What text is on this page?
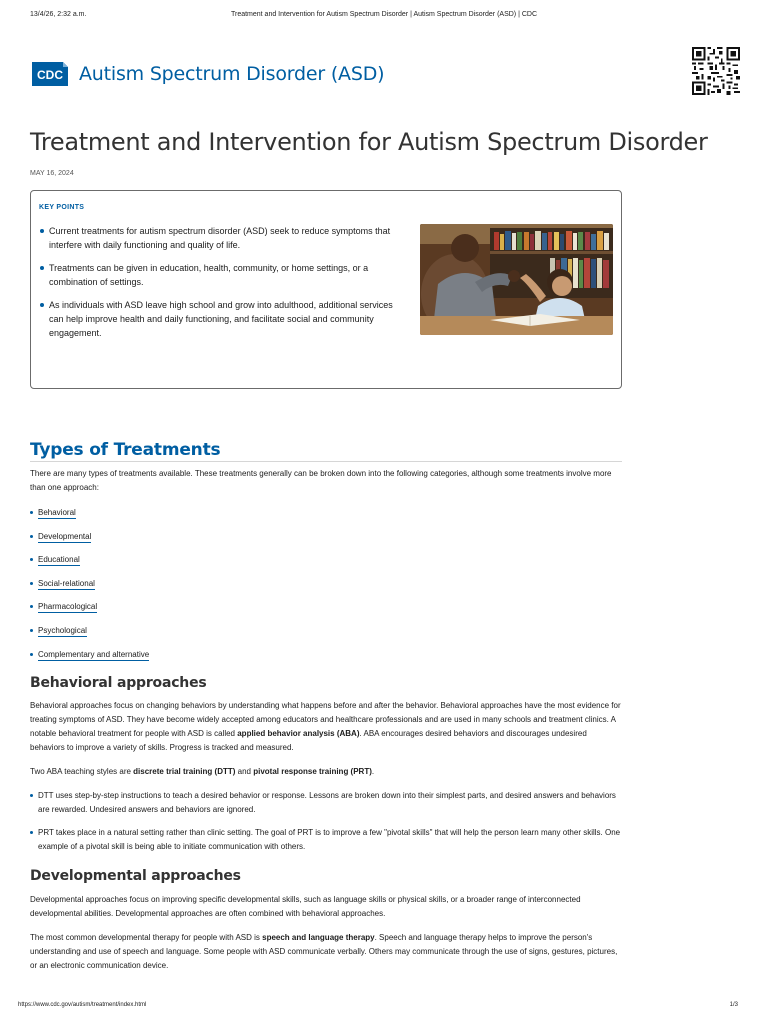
13/4/26, 2:32 a.m.	Treatment and Intervention for Autism Spectrum Disorder | Autism Spectrum Disorder (ASD) | CDC
CDC Autism Spectrum Disorder (ASD)
Treatment and Intervention for Autism Spectrum Disorder
MAY 16, 2024
KEY POINTS
Current treatments for autism spectrum disorder (ASD) seek to reduce symptoms that interfere with daily functioning and quality of life.
Treatments can be given in education, health, community, or home settings, or a combination of settings.
As individuals with ASD leave high school and grow into adulthood, additional services can help improve health and daily functioning, and facilitate social and community engagement.
Types of Treatments

There are many types of treatments available. These treatments generally can be broken down into the following categories, although some treatments involve more than one approach:

Behavioral
Developmental
Educational
Social-relational
Pharmacological
Psychological
Complementary and alternative
Behavioral approaches

Behavioral approaches focus on changing behaviors by understanding what happens before and after the behavior. Behavioral approaches have the most evidence for treating symptoms of ASD. They have become widely accepted among educators and healthcare professionals and are used in many schools and treatment clinics. A notable behavioral treatment for people with ASD is called applied behavior analysis (ABA). ABA encourages desired behaviors and discourages undesired behaviors to improve a variety of skills. Progress is tracked and measured.

Two ABA teaching styles are discrete trial training (DTT) and pivotal response training (PRT).

DTT uses step-by-step instructions to teach a desired behavior or response. Lessons are broken down into their simplest parts, and desired answers and behaviors are rewarded. Undesired answers and behaviors are ignored.
PRT takes place in a natural setting rather than clinic setting. The goal of PRT is to improve a few "pivotal skills" that will help the person learn many other skills. One example of a pivotal skill is being able to initiate communication with others.
Developmental approaches

Developmental approaches focus on improving specific developmental skills, such as language skills or physical skills, or a broader range of interconnected developmental abilities. Developmental approaches are often combined with behavioral approaches.

The most common developmental therapy for people with ASD is speech and language therapy. Speech and language therapy helps to improve the person's understanding and use of speech and language. Some people with ASD communicate verbally. Others may communicate through the use of signs, gestures, pictures, or an electronic communication device.

https://www.cdc.gov/autism/treatment/index.html	1/3
